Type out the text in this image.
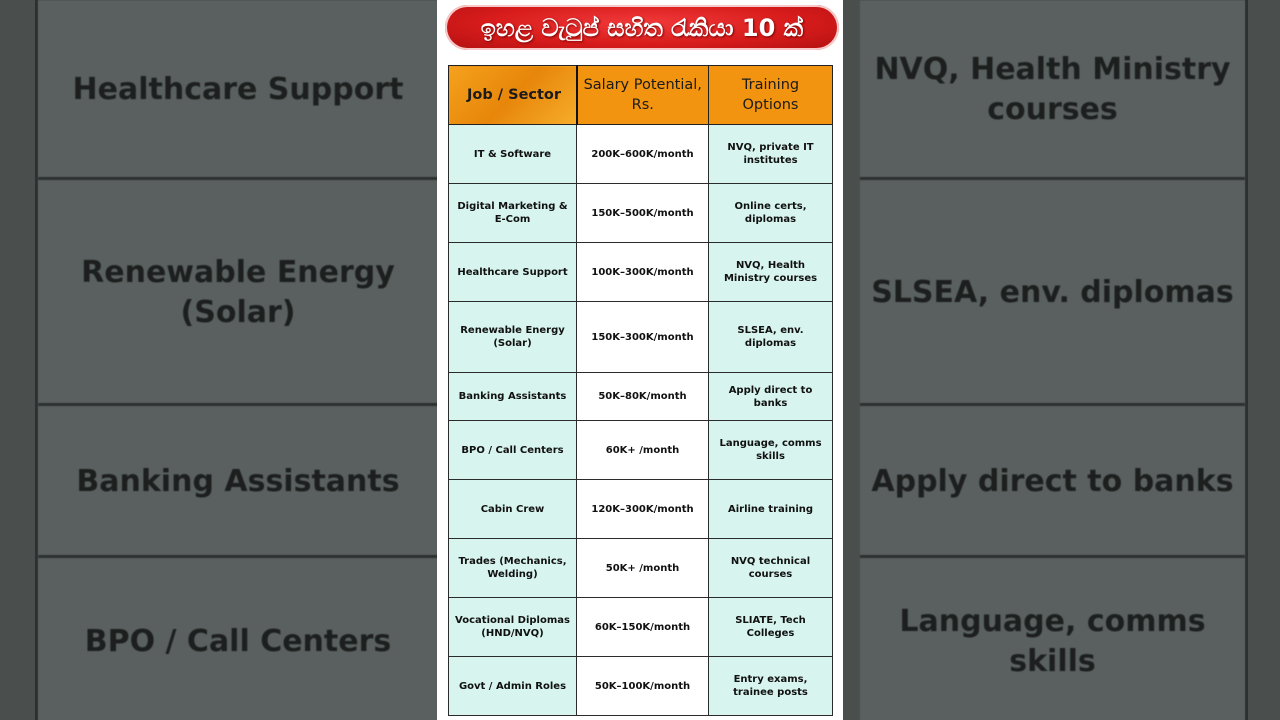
Healthcare Support
Renewable Energy (Solar)
Banking Assistants
BPO / Call Centers
NVQ, Health Ministry courses
SLSEA, env. diplomas
Apply direct to banks
Language, comms skills
ඉහළ වැටුප් සහිත රැකියා 10 ක්
Job / Sector	Salary Potential, Rs.	Training Options
IT & Software	200K–600K/month	NVQ, private IT institutes
Digital Marketing & E-Com	150K–500K/month	Online certs, diplomas
Healthcare Support	100K–300K/month	NVQ, Health Ministry courses
Renewable Energy (Solar)	150K–300K/month	SLSEA, env. diplomas
Banking Assistants	50K–80K/month	Apply direct to banks
BPO / Call Centers	60K+ /month	Language, comms skills
Cabin Crew	120K–300K/month	Airline training
Trades (Mechanics, Welding)	50K+ /month	NVQ technical courses
Vocational Diplomas (HND/NVQ)	60K–150K/month	SLIATE, Tech Colleges
Govt / Admin Roles	50K–100K/month	Entry exams, trainee posts
